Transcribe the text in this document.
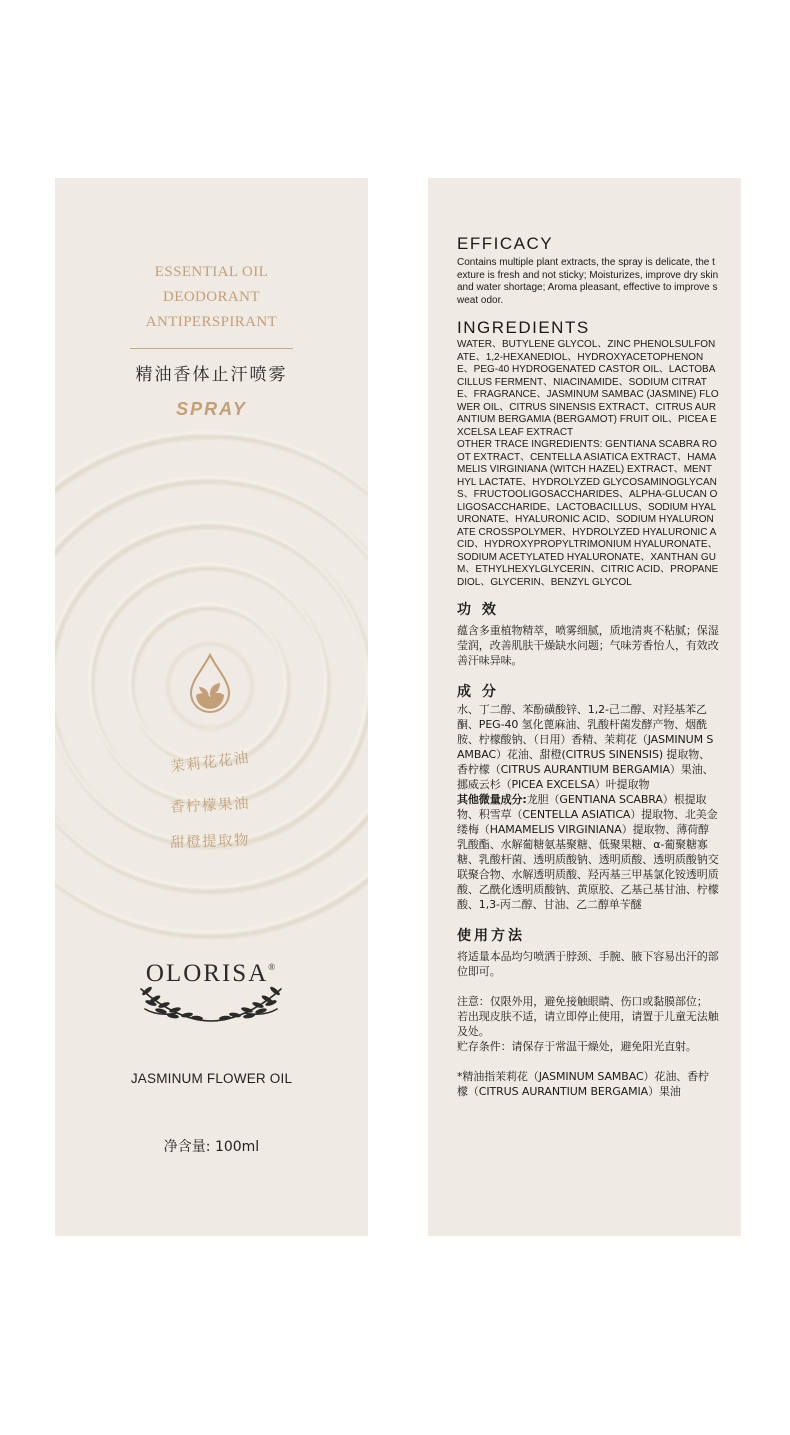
ESSENTIAL OIL
DEODORANT
ANTIPERSPIRANT
精油香体止汗喷雾
SPRAY
茉莉花花油
香柠檬果油
甜橙提取物
OLORISA®
JASMINUM FLOWER OIL
净含量: 100ml
EFFICACY

Contains multiple plant extracts, the spray is delicate, the texture is fresh and not sticky; Moisturizes, improve dry skin and water shortage; Aroma pleasant, effective to improve sweat odor.

INGREDIENTS

WATER、BUTYLENE GLYCOL、ZINC PHENOLSULFONATE、1,2-HEXANEDIOL、HYDROXYACETOPHENONE、PEG-40 HYDROGENATED CASTOR OIL、LACTOBACILLUS FERMENT、NIACINAMIDE、SODIUM CITRATE、FRAGRANCE、JASMINUM SAMBAC (JASMINE) FLOWER OIL、CITRUS SINENSIS EXTRACT、CITRUS AURANTIUM BERGAMIA (BERGAMOT) FRUIT OIL、PICEA EXCELSA LEAF EXTRACT

OTHER TRACE INGREDIENTS: GENTIANA SCABRA ROOT EXTRACT、CENTELLA ASIATICA EXTRACT、HAMAMELIS VIRGINIANA (WITCH HAZEL) EXTRACT、MENTHYL LACTATE、HYDROLYZED GLYCOSAMINOGLYCANS、FRUCTOOLIGOSACCHARIDES、ALPHA-GLUCAN OLIGOSACCHARIDE、LACTOBACILLUS、SODIUM HYALURONATE、HYALURONIC ACID、SODIUM HYALURONATE CROSSPOLYMER、HYDROLYZED HYALURONIC ACID、HYDROXYPROPYLTRIMONIUM HYALURONATE、SODIUM ACETYLATED HYALURONATE、XANTHAN GUM、ETHYLHEXYLGLYCERIN、CITRIC ACID、PROPANEDIOL、GLYCERIN、BENZYL GLYCOL

功 效

蕴含多重植物精萃，喷雾细腻，质地清爽不粘腻；保湿莹润，改善肌肤干燥缺水问题；气味芳香怡人，有效改善汗味异味。

成 分

水、丁二醇、苯酚磺酸锌、1,2-己二醇、对羟基苯乙酮、PEG-40 氢化蓖麻油、乳酸杆菌发酵产物、烟酰胺、柠檬酸钠、（日用）香精、茉莉花（JASMINUM SAMBAC）花油、甜橙(CITRUS SINENSIS) 提取物、香柠檬（CITRUS AURANTIUM BERGAMIA）果油、挪威云杉（PICEA EXCELSA）叶提取物

其他微量成分:龙胆（GENTIANA SCABRA）根提取物、积雪草（CENTELLA ASIATICA）提取物、北美金缕梅（HAMAMELIS VIRGINIANA）提取物、薄荷醇乳酸酯、水解葡糖氨基聚糖、低聚果糖、α-葡聚糖寡糖、乳酸杆菌、透明质酸钠、透明质酸、透明质酸钠交联聚合物、水解透明质酸、羟丙基三甲基氯化铵透明质酸、乙酰化透明质酸钠、黄原胶、乙基己基甘油、柠檬酸、1,3-丙二醇、甘油、乙二醇单苄醚

使用方法

将适量本品均匀喷洒于脖颈、手腕、腋下容易出汗的部位即可。

注意：仅限外用，避免接触眼睛、伤口或黏膜部位； 若出现皮肤不适，请立即停止使用，请置于儿童无法触及处。

贮存条件：请保存于常温干燥处，避免阳光直射。

*精油指茉莉花（JASMINUM SAMBAC）花油、香柠檬（CITRUS AURANTIUM BERGAMIA）果油
